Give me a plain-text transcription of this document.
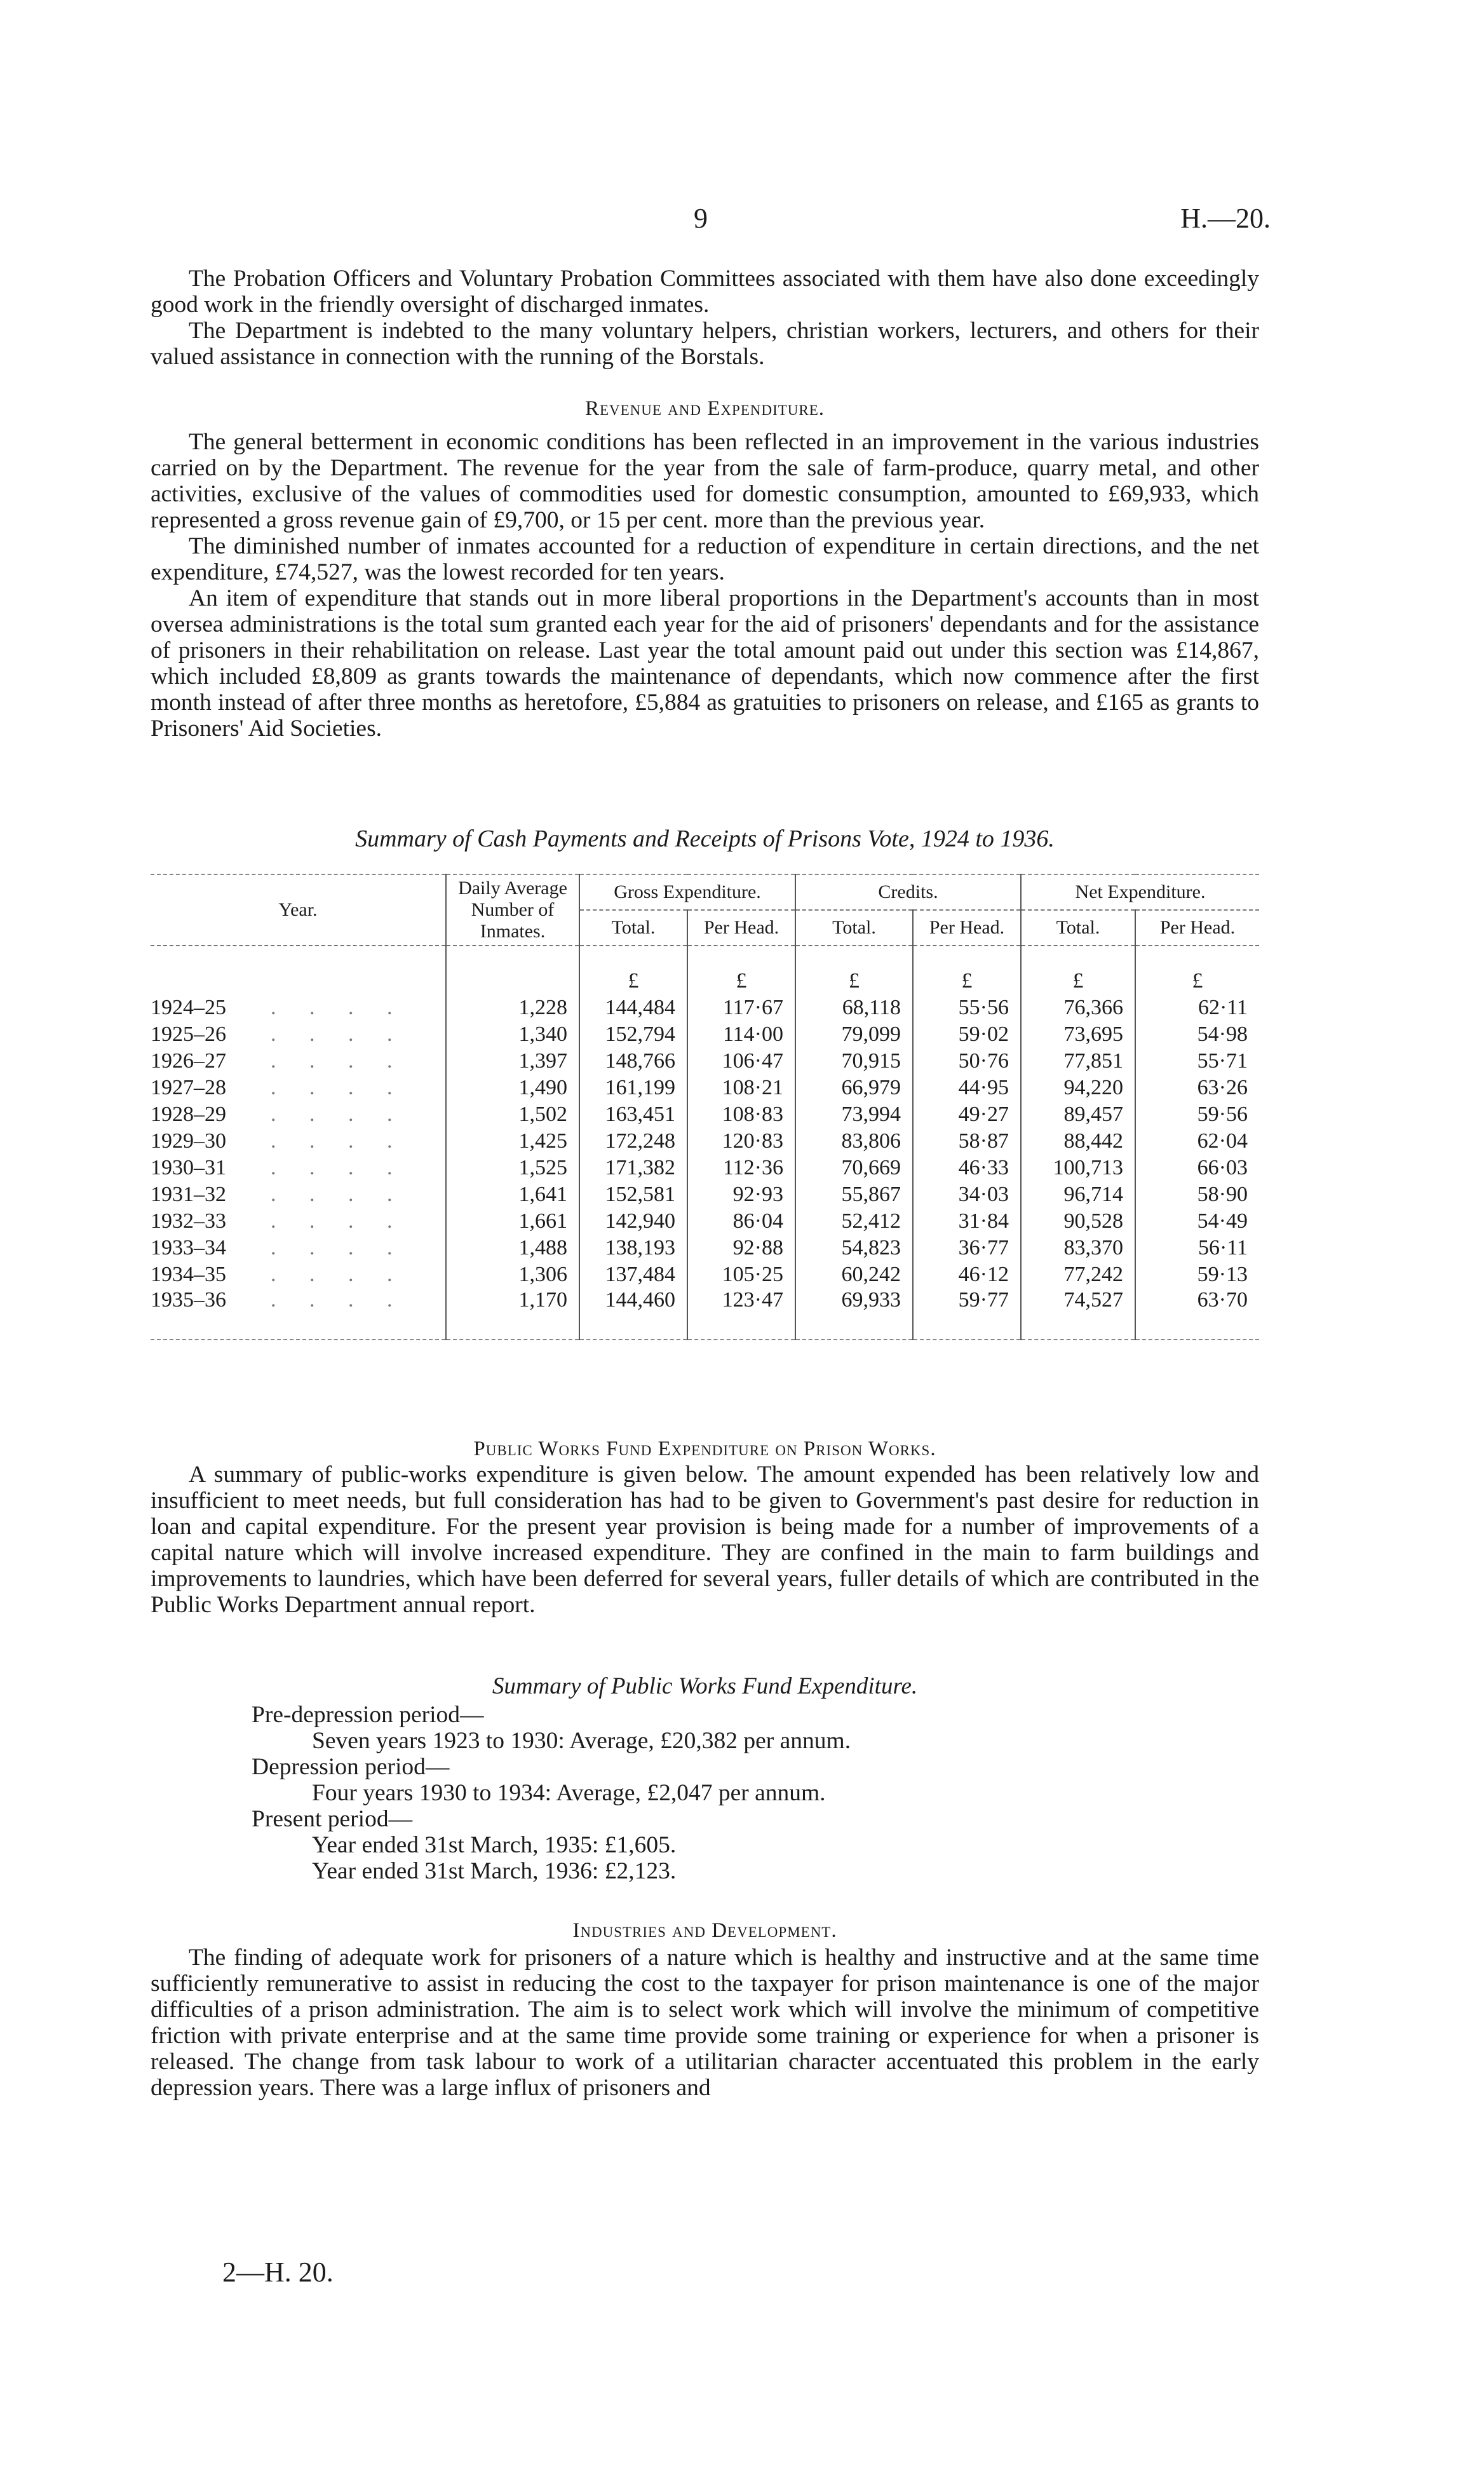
9	H.—20.

The Probation Officers and Voluntary Probation Committees associated with them have also done exceedingly good work in the friendly oversight of discharged inmates.

The Department is indebted to the many voluntary helpers, christian workers, lecturers, and others for their valued assistance in connection with the running of the Borstals.

Revenue and Expenditure.

The general betterment in economic conditions has been reflected in an improvement in the various industries carried on by the Department. The revenue for the year from the sale of farm-produce, quarry metal, and other activities, exclusive of the values of commodities used for domestic consumption, amounted to £69,933, which represented a gross revenue gain of £9,700, or 15 per cent. more than the previous year.

The diminished number of inmates accounted for a reduction of expenditure in certain directions, and the net expenditure, £74,527, was the lowest recorded for ten years.

An item of expenditure that stands out in more liberal proportions in the Department's accounts than in most oversea administrations is the total sum granted each year for the aid of prisoners' dependants and for the assistance of prisoners in their rehabilitation on release. Last year the total amount paid out under this section was £14,867, which included £8,809 as grants towards the maintenance of dependants, which now commence after the first month instead of after three months as heretofore, £5,884 as gratuities to prisoners on release, and £165 as grants to Prisoners' Aid Societies.

Summary of Cash Payments and Receipts of Prisons Vote, 1924 to 1936.
Year.	Daily Average Number of Inmates.	Gross Expenditure.		Credits.		Net Expenditure.	
		Total.	Per Head.	Total.	Per Head.	Total.	Per Head.
		£	£	£	£	£	£
1924–25 . . . .	1,228	144,484	117·67	68,118	55·56	76,366	62·11
1925–26 . . . .	1,340	152,794	114·00	79,099	59·02	73,695	54·98
1926–27 . . . .	1,397	148,766	106·47	70,915	50·76	77,851	55·71
1927–28 . . . .	1,490	161,199	108·21	66,979	44·95	94,220	63·26
1928–29 . . . .	1,502	163,451	108·83	73,994	49·27	89,457	59·56
1929–30 . . . .	1,425	172,248	120·83	83,806	58·87	88,442	62·04
1930–31 . . . .	1,525	171,382	112·36	70,669	46·33	100,713	66·03
1931–32 . . . .	1,641	152,581	92·93	55,867	34·03	96,714	58·90
1932–33 . . . .	1,661	142,940	86·04	52,412	31·84	90,528	54·49
1933–34 . . . .	1,488	138,193	92·88	54,823	36·77	83,370	56·11
1934–35 . . . .	1,306	137,484	105·25	60,242	46·12	77,242	59·13
1935–36 . . . .	1,170	144,460	123·47	69,933	59·77	74,527	63·70
Public Works Fund Expenditure on Prison Works.

A summary of public-works expenditure is given below. The amount expended has been relatively low and insufficient to meet needs, but full consideration has had to be given to Government's past desire for reduction in loan and capital expenditure. For the present year provision is being made for a number of improvements of a capital nature which will involve increased expenditure. They are confined in the main to farm buildings and improvements to laundries, which have been deferred for several years, fuller details of which are contributed in the Public Works Department annual report.

Summary of Public Works Fund Expenditure.
Pre-depression period—
Seven years 1923 to 1930: Average, £20,382 per annum.
Depression period—
Four years 1930 to 1934: Average, £2,047 per annum.
Present period—
Year ended 31st March, 1935: £1,605.
Year ended 31st March, 1936: £2,123.
Industries and Development.

The finding of adequate work for prisoners of a nature which is healthy and instructive and at the same time sufficiently remunerative to assist in reducing the cost to the taxpayer for prison maintenance is one of the major difficulties of a prison administration. The aim is to select work which will involve the minimum of competitive friction with private enterprise and at the same time provide some training or experience for when a prisoner is released. The change from task labour to work of a utilitarian character accentuated this problem in the early depression years. There was a large influx of prisoners and

2—H. 20.
